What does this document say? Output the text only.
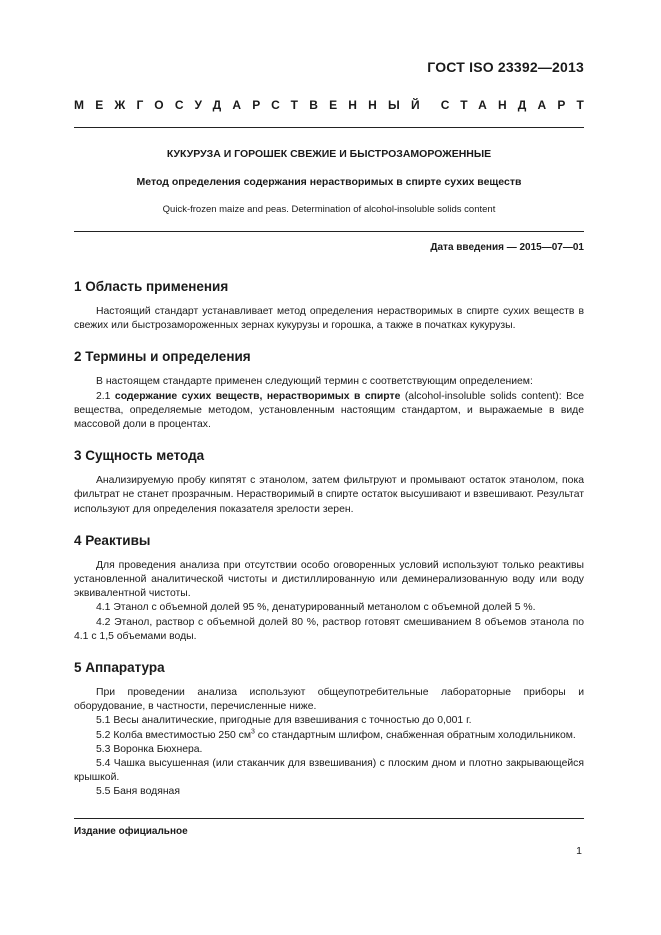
ГОСТ ISO 23392—2013
МЕЖГОСУДАРСТВЕННЫЙ СТАНДАРТ
КУКУРУЗА И ГОРОШЕК СВЕЖИЕ И БЫСТРОЗАМОРОЖЕННЫЕ
Метод определения содержания нерастворимых в спирте сухих веществ
Quick-frozen maize and peas. Determination of alcohol-insoluble solids content
Дата введения — 2015—07—01
1 Область применения

Настоящий стандарт устанавливает метод определения нерастворимых в спирте сухих веществ в свежих или быстрозамороженных зернах кукурузы и горошка, а также в початках кукурузы.

2 Термины и определения

В настоящем стандарте применен следующий термин с соответствующим определением:

2.1 содержание сухих веществ, нерастворимых в спирте (alcohol-insoluble solids content): Все вещества, определяемые методом, установленным настоящим стандартом, и выражаемые в виде массовой доли в процентах.

3 Сущность метода

Анализируемую пробу кипятят с этанолом, затем фильтруют и промывают остаток этанолом, пока фильтрат не станет прозрачным. Нерастворимый в спирте остаток высушивают и взвешивают. Результат используют для определения показателя зрелости зерен.

4 Реактивы

Для проведения анализа при отсутствии особо оговоренных условий используют только реактивы установленной аналитической чистоты и дистиллированную или деминерализованную воду или воду эквивалентной чистоты.

4.1 Этанол с объемной долей 95 %, денатурированный метанолом с объемной долей 5 %.

4.2 Этанол, раствор с объемной долей 80 %, раствор готовят смешиванием 8 объемов этанола по 4.1 с 1,5 объемами воды.

5 Аппаратура

При проведении анализа используют общеупотребительные лабораторные приборы и оборудование, в частности, перечисленные ниже.

5.1 Весы аналитические, пригодные для взвешивания с точностью до 0,001 г.

5.2 Колба вместимостью 250 $см^3$ со стандартным шлифом, снабженная обратным холодильником.

5.3 Воронка Бюхнера.

5.4 Чашка высушенная (или стаканчик для взвешивания) с плоским дном и плотно закрывающейся крышкой.

5.5 Баня водяная

Издание официальное
1
